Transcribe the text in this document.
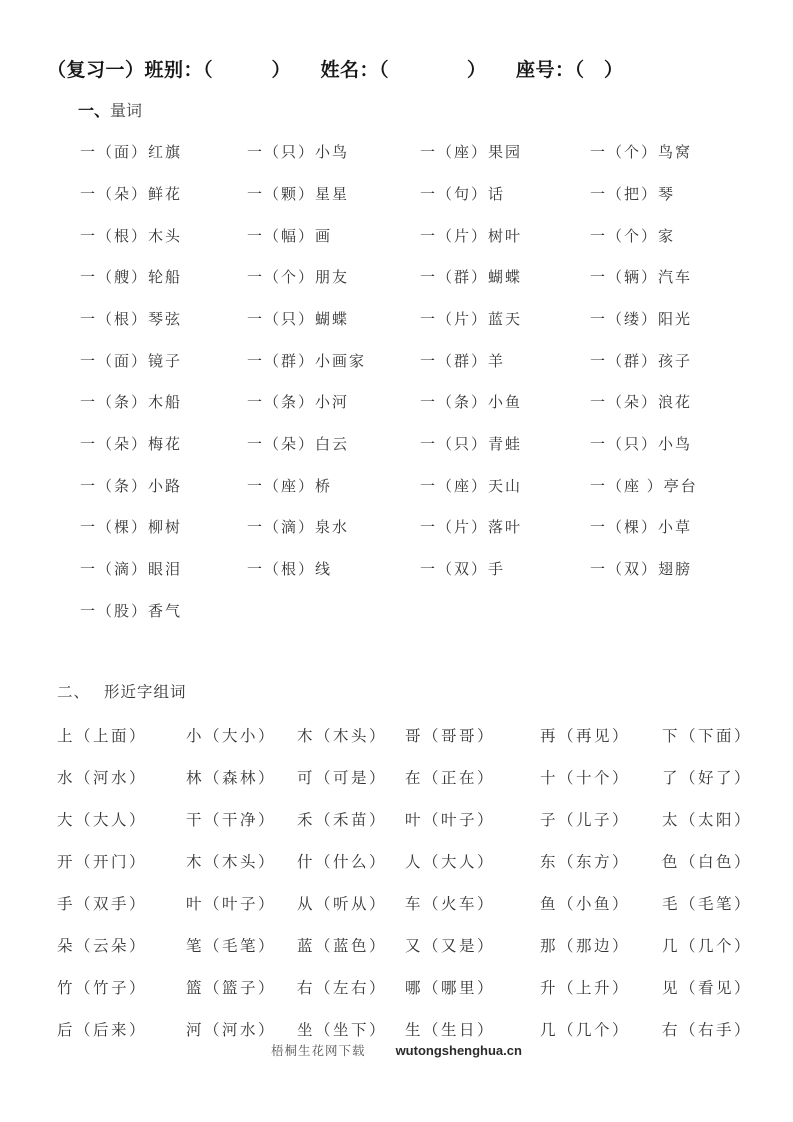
（复习一）班别：（　　　）　　姓名：（　　　　）　　座号：（　）
一、量词
一（面）红旗	一（只）小鸟	一（座）果园	一（个）鸟窝
一（朵）鲜花	一（颗）星星	一（句）话	一（把）琴
一（根）木头	一（幅）画	一（片）树叶	一（个）家
一（艘）轮船	一（个）朋友	一（群）蝴蝶	一（辆）汽车
一（根）琴弦	一（只）蝴蝶	一（片）蓝天	一（缕）阳光
一（面）镜子	一（群）小画家	一（群）羊	一（群）孩子
一（条）木船	一（条）小河	一（条）小鱼	一（朵）浪花
一（朵）梅花	一（朵）白云	一（只）青蛙	一（只）小鸟
一（条）小路	一（座）桥	一（座）天山	一（座 ）亭台
一（棵）柳树	一（滴）泉水	一（片）落叶	一（棵）小草
一（滴）眼泪	一（根）线	一（双）手	一（双）翅膀
一（股）香气
二、 形近字组词
上（上面）	小（大小）	木（木头）	哥（哥哥）	再（再见）	下（下面）
水（河水）	林（森林）	可（可是）	在（正在）	十（十个）	了（好了）
大（大人）	干（干净）	禾（禾苗）	叶（叶子）	子（儿子）	太（太阳）
开（开门）	木（木头）	什（什么）	人（大人）	东（东方）	色（白色）
手（双手）	叶（叶子）	从（听从）	车（火车）	鱼（小鱼）	毛（毛笔）
朵（云朵）	笔（毛笔）	蓝（蓝色）	又（又是）	那（那边）	几（几个）
竹（竹子）	篮（篮子）	右（左右）	哪（哪里）	升（上升）	见（看见）
后（后来）	河（河水）	坐（坐下）	生（生日）	几（几个）	右（右手）
梧桐生花网下载 wutongshenghua.cn
